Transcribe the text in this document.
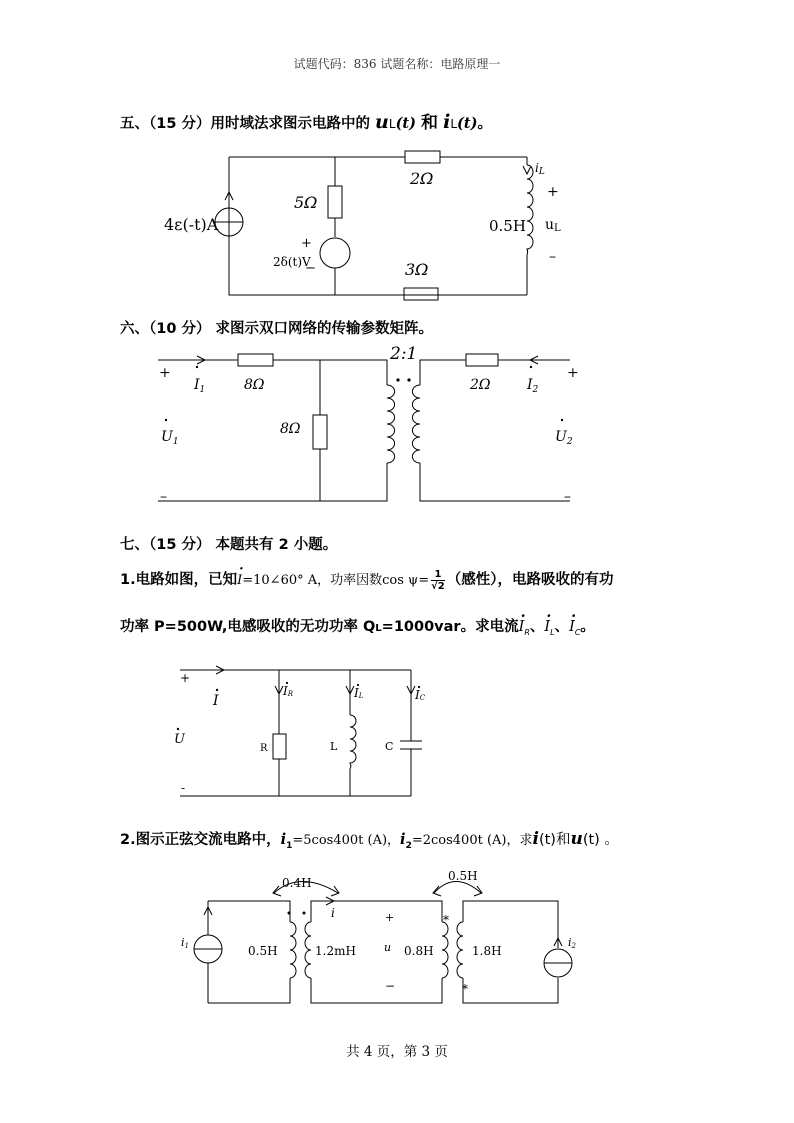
试题代码：836 试题名称：电路原理一
五、（15 分）用时域法求图示电路中的 uL(t) 和 iL(t)。
4ε(-t)A
5Ω
2Ω
3Ω
+
2δ(t)V
−
0.5H
iL
+
uL
–
六、（10 分） 求图示双口网络的传输参数矩阵。
2:1
8Ω
8Ω
2Ω
+	+
–	–
$I_1$	$I_2$
$U_1$	$U_2$
七、（15 分） 本题共有 2 小题。
1.电路如图，已知· I=10∠60° A，功率因数$\cos \psi= \frac{1}{√2}$ （感性），电路吸收的有功
功率 P=500W,电感吸收的无功功率 QL=1000var。求电流· $I_R$、· $I_L$、· $I_C$。
+
-
I
IR	IL	IC
U
R	L	C
2.图示正弦交流电路中，$i_1=5\cos 400t$ (A)，$i_2=2\cos 400t$ (A)，求i(t)和u(t) 。
0.4H	0.5H
0.5H	1.2mH	0.8H	1.8H
i1	i2
i	+
u
−
*
*
共 4 页，第 3 页
